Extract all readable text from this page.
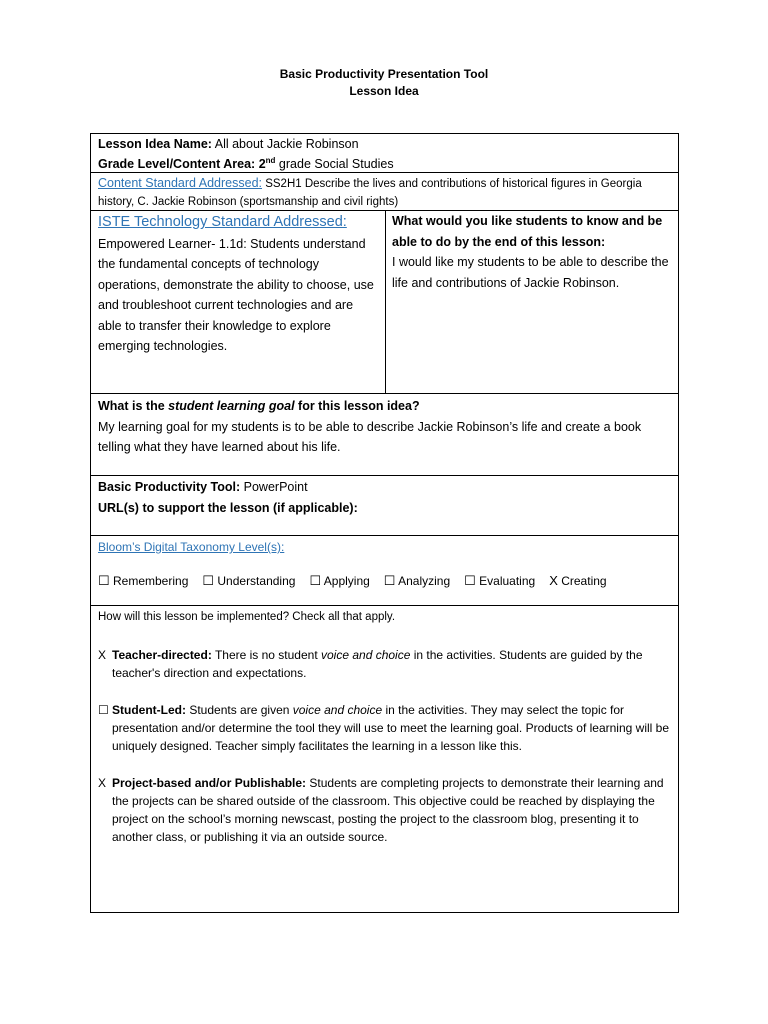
Basic Productivity Presentation Tool
Lesson Idea
Lesson Idea Name: All about Jackie Robinson
Grade Level/Content Area: 2nd grade Social Studies
Content Standard Addressed: SS2H1 Describe the lives and contributions of historical figures in Georgia history, C. Jackie Robinson (sportsmanship and civil rights)
ISTE Technology Standard Addressed:
Empowered Learner- 1.1d: Students understand the fundamental concepts of technology operations, demonstrate the ability to choose, use and troubleshoot current technologies and are able to transfer their knowledge to explore emerging technologies.
What would you like students to know and be able to do by the end of this lesson:
I would like my students to be able to describe the life and contributions of Jackie Robinson.
What is the student learning goal for this lesson idea?
My learning goal for my students is to be able to describe Jackie Robinson’s life and create a book telling what they have learned about his life.
Basic Productivity Tool: PowerPoint
URL(s) to support the lesson (if applicable):
Bloom’s Digital Taxonomy Level(s):
☐ Remembering ☐ Understanding ☐ Applying ☐ Analyzing ☐ Evaluating X Creating

How will this lesson be implemented? Check all that apply.

X Teacher-directed: There is no student voice and choice in the activities. Students are guided by the teacher's direction and expectations.
☐ Student-Led: Students are given voice and choice in the activities. They may select the topic for presentation and/or determine the tool they will use to meet the learning goal. Products of learning will be uniquely designed. Teacher simply facilitates the learning in a lesson like this.
X Project-based and/or Publishable: Students are completing projects to demonstrate their learning and the projects can be shared outside of the classroom. This objective could be reached by displaying the project on the school’s morning newscast, posting the project to the classroom blog, presenting it to another class, or publishing it via an outside source.
